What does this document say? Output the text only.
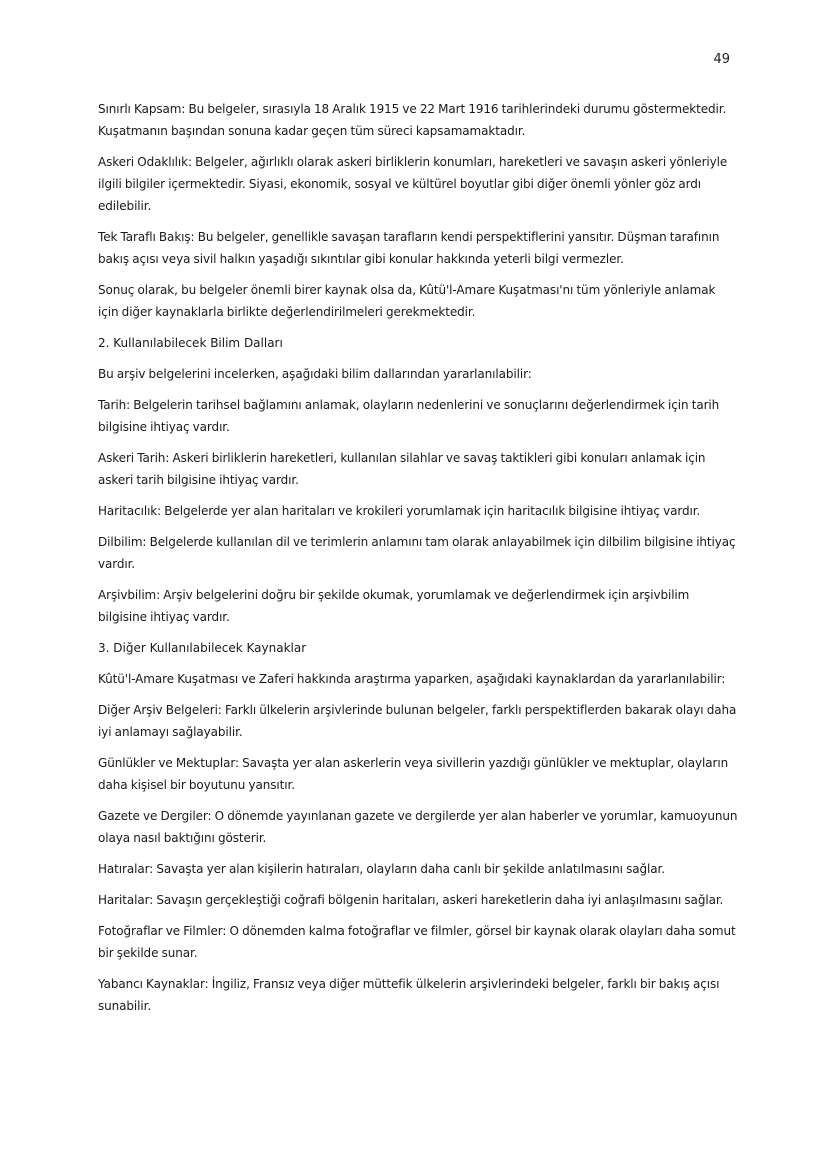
49

Sınırlı Kapsam: Bu belgeler, sırasıyla 18 Aralık 1915 ve 22 Mart 1916 tarihlerindeki durumu göstermektedir. Kuşatmanın başından sonuna kadar geçen tüm süreci kapsamamaktadır.

Askeri Odaklılık: Belgeler, ağırlıklı olarak askeri birliklerin konumları, hareketleri ve savaşın askeri yönleriyle ilgili bilgiler içermektedir. Siyasi, ekonomik, sosyal ve kültürel boyutlar gibi diğer önemli yönler göz ardı edilebilir.

Tek Taraflı Bakış: Bu belgeler, genellikle savaşan tarafların kendi perspektiflerini yansıtır. Düşman tarafının bakış açısı veya sivil halkın yaşadığı sıkıntılar gibi konular hakkında yeterli bilgi vermezler.

Sonuç olarak, bu belgeler önemli birer kaynak olsa da, Kûtü'l-Amare Kuşatması'nı tüm yönleriyle anlamak için diğer kaynaklarla birlikte değerlendirilmeleri gerekmektedir.

2. Kullanılabilecek Bilim Dalları

Bu arşiv belgelerini incelerken, aşağıdaki bilim dallarından yararlanılabilir:

Tarih: Belgelerin tarihsel bağlamını anlamak, olayların nedenlerini ve sonuçlarını değerlendirmek için tarih bilgisine ihtiyaç vardır.

Askeri Tarih: Askeri birliklerin hareketleri, kullanılan silahlar ve savaş taktikleri gibi konuları anlamak için askeri tarih bilgisine ihtiyaç vardır.

Haritacılık: Belgelerde yer alan haritaları ve krokileri yorumlamak için haritacılık bilgisine ihtiyaç vardır.

Dilbilim: Belgelerde kullanılan dil ve terimlerin anlamını tam olarak anlayabilmek için dilbilim bilgisine ihtiyaç vardır.

Arşivbilim: Arşiv belgelerini doğru bir şekilde okumak, yorumlamak ve değerlendirmek için arşivbilim bilgisine ihtiyaç vardır.

3. Diğer Kullanılabilecek Kaynaklar

Kûtü'l-Amare Kuşatması ve Zaferi hakkında araştırma yaparken, aşağıdaki kaynaklardan da yararlanılabilir:

Diğer Arşiv Belgeleri: Farklı ülkelerin arşivlerinde bulunan belgeler, farklı perspektiflerden bakarak olayı daha iyi anlamayı sağlayabilir.

Günlükler ve Mektuplar: Savaşta yer alan askerlerin veya sivillerin yazdığı günlükler ve mektuplar, olayların daha kişisel bir boyutunu yansıtır.

Gazete ve Dergiler: O dönemde yayınlanan gazete ve dergilerde yer alan haberler ve yorumlar, kamuoyunun olaya nasıl baktığını gösterir.

Hatıralar: Savaşta yer alan kişilerin hatıraları, olayların daha canlı bir şekilde anlatılmasını sağlar.

Haritalar: Savaşın gerçekleştiği coğrafi bölgenin haritaları, askeri hareketlerin daha iyi anlaşılmasını sağlar.

Fotoğraflar ve Filmler: O dönemden kalma fotoğraflar ve filmler, görsel bir kaynak olarak olayları daha somut bir şekilde sunar.

Yabancı Kaynaklar: İngiliz, Fransız veya diğer müttefik ülkelerin arşivlerindeki belgeler, farklı bir bakış açısı sunabilir.
